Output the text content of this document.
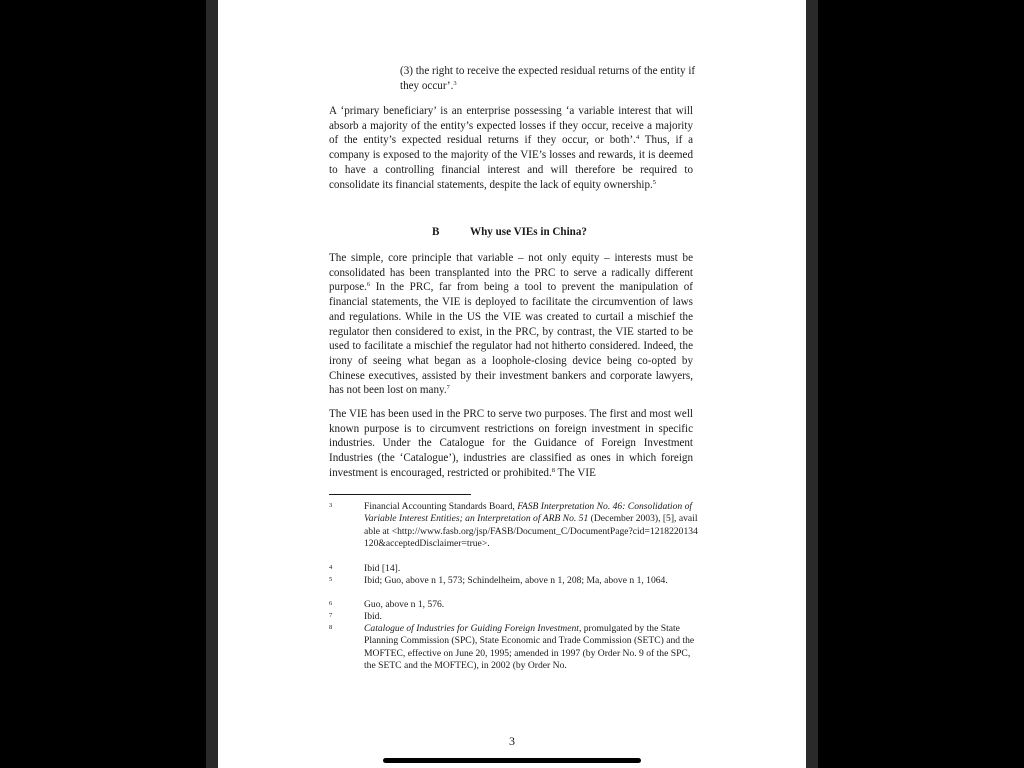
(3) the right to receive the expected residual returns of the entity if they occur’.$^3$
A ‘primary beneficiary’ is an enterprise possessing ‘a variable interest that will absorb a majority of the entity’s expected losses if they occur, receive a majority of the entity’s expected residual returns if they occur, or both’.$^4$ Thus, if a company is exposed to the majority of the VIE’s losses and rewards, it is deemed to have a controlling financial interest and will therefore be required to consolidate its financial statements, despite the lack of equity ownership.$^5$
B	Why use VIEs in China?
The simple, core principle that variable – not only equity – interests must be consolidated has been transplanted into the PRC to serve a radically different purpose.$^6$ In the PRC, far from being a tool to prevent the manipulation of financial statements, the VIE is deployed to facilitate the circumvention of laws and regulations. While in the US the VIE was created to curtail a mischief the regulator then considered to exist, in the PRC, by contrast, the VIE started to be used to facilitate a mischief the regulator had not hitherto considered. Indeed, the irony of seeing what began as a loophole-closing device being co-opted by Chinese executives, assisted by their investment bankers and corporate lawyers, has not been lost on many.$^7$
The VIE has been used in the PRC to serve two purposes. The first and most well known purpose is to circumvent restrictions on foreign investment in specific industries. Under the Catalogue for the Guidance of Foreign Investment Industries (the ‘Catalogue’), industries are classified as ones in which foreign investment is encouraged, restricted or prohibited.$^8$ The VIE
3	Financial Accounting Standards Board, FASB Interpretation No. 46: Consolidation of Variable Interest Entities; an Interpretation of ARB No. 51 (December 2003), [5], available at <http://www.fasb.org/jsp/FASB/Document_C/DocumentPage?cid=1218220134120&acceptedDisclaimer=true>.
4	Ibid [14].
5	Ibid; Guo, above n 1, 573; Schindelheim, above n 1, 208; Ma, above n 1, 1064.
6	Guo, above n 1, 576.
7	Ibid.
8	Catalogue of Industries for Guiding Foreign Investment, promulgated by the State Planning Commission (SPC), State Economic and Trade Commission (SETC) and the MOFTEC, effective on June 20, 1995; amended in 1997 (by Order No. 9 of the SPC, the SETC and the MOFTEC), in 2002 (by Order No.
3
